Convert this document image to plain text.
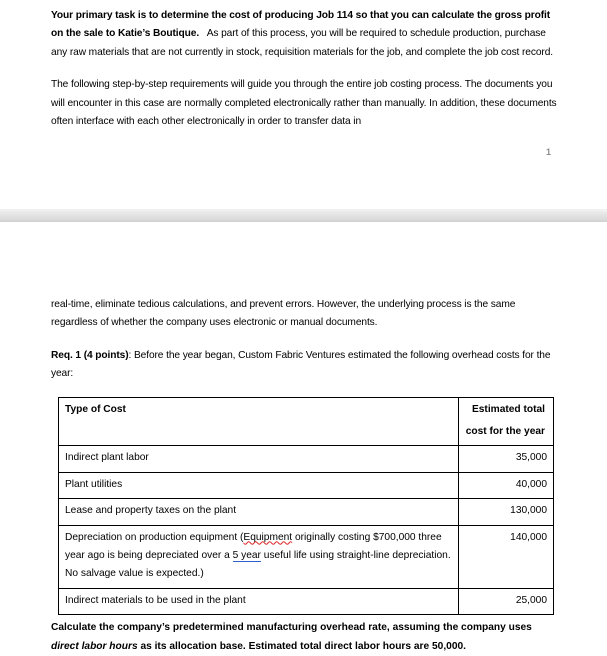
Your primary task is to determine the cost of producing Job 114 so that you can calculate the gross profit on the sale to Katie’s Boutique. As part of this process, you will be required to schedule production, purchase any raw materials that are not currently in stock, requisition materials for the job, and complete the job cost record.

The following step-by-step requirements will guide you through the entire job costing process. The documents you will encounter in this case are normally completed electronically rather than manually. In addition, these documents often interface with each other electronically in order to transfer data in

1

real-time, eliminate tedious calculations, and prevent errors. However, the underlying process is the same regardless of whether the company uses electronic or manual documents.

Req. 1 (4 points): Before the year began, Custom Fabric Ventures estimated the following overhead costs for the year:

Type of Cost	Estimated total
cost for the year

Indirect plant labor	35,000

Plant utilities	40,000

Lease and property taxes on the plant	130,000

Depreciation on production equipment (Equipment originally costing $700,000 three year ago is being depreciated over a 5 year useful life using straight-line depreciation. No salvage value is expected.)	140,000

Indirect materials to be used in the plant	25,000

Calculate the company’s predetermined manufacturing overhead rate, assuming the company uses direct labor hours as its allocation base. Estimated total direct labor hours are 50,000.
